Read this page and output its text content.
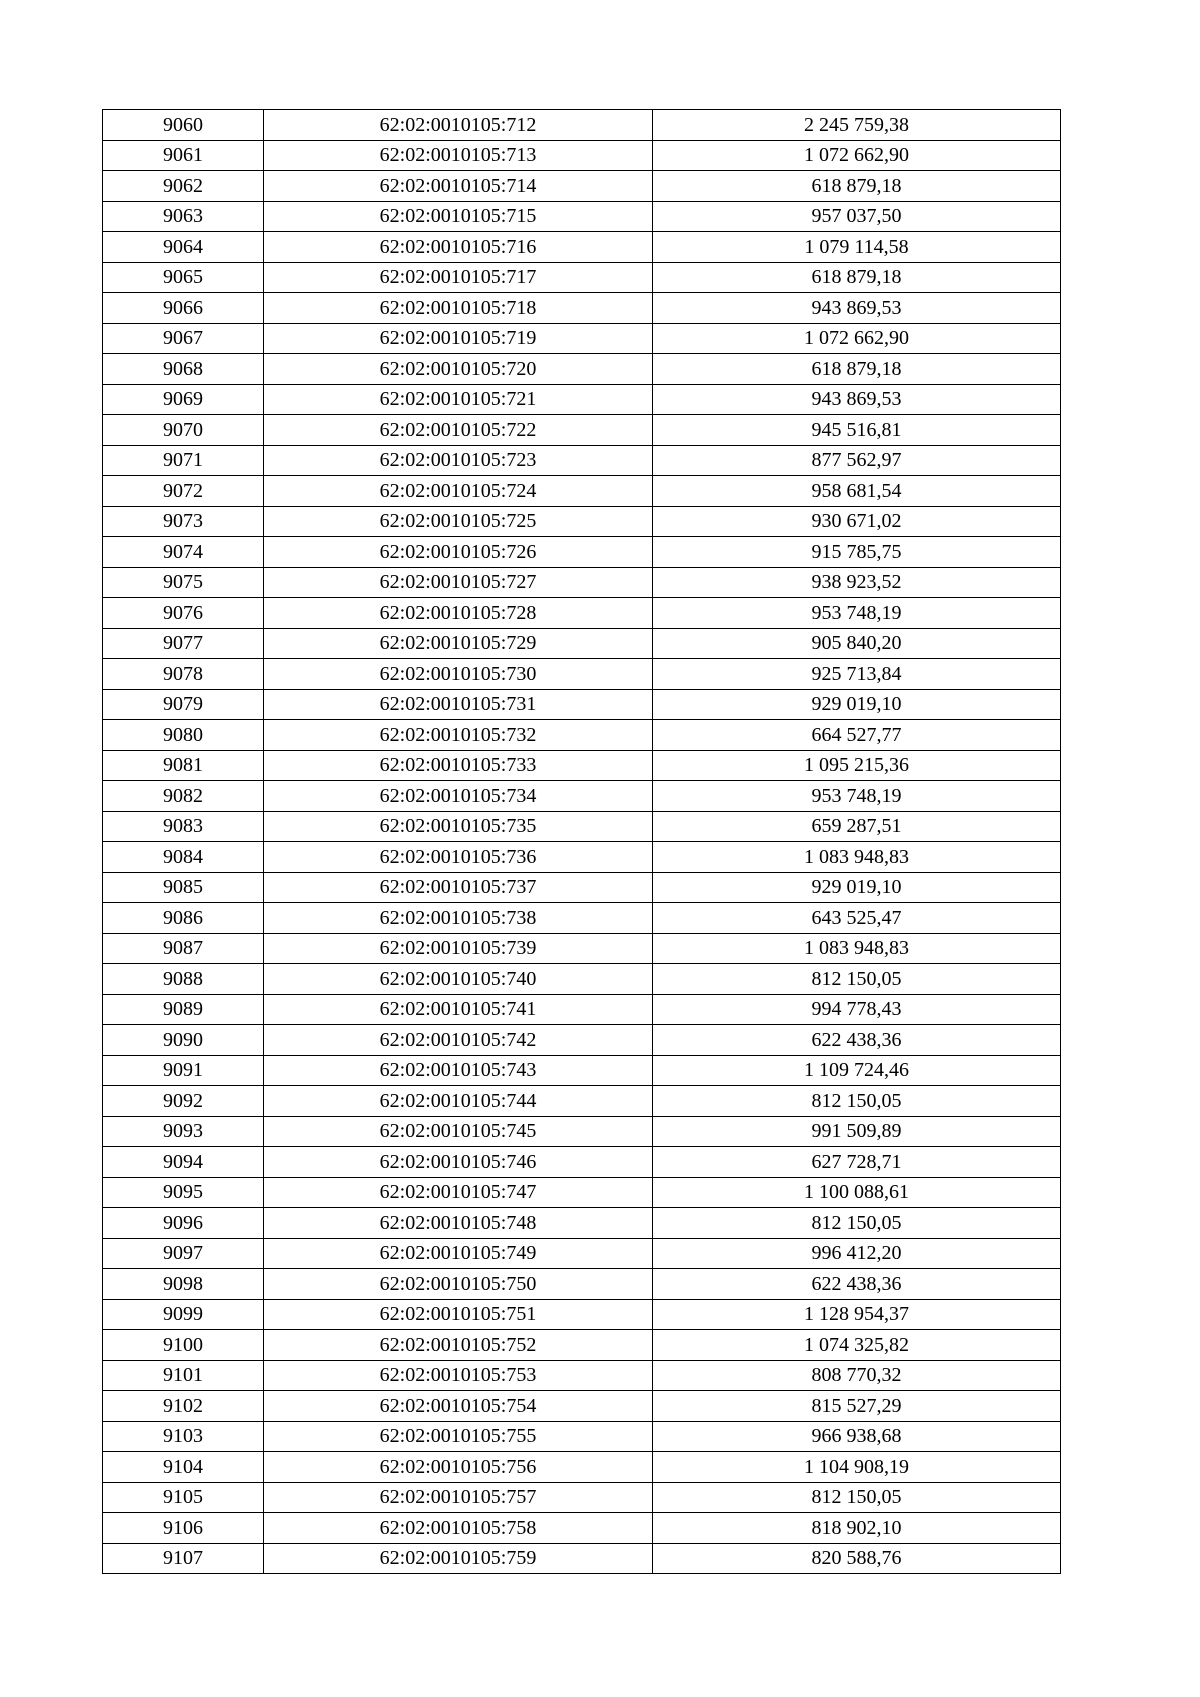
9060	62:02:0010105:712	2 245 759,38
9061	62:02:0010105:713	1 072 662,90
9062	62:02:0010105:714	618 879,18
9063	62:02:0010105:715	957 037,50
9064	62:02:0010105:716	1 079 114,58
9065	62:02:0010105:717	618 879,18
9066	62:02:0010105:718	943 869,53
9067	62:02:0010105:719	1 072 662,90
9068	62:02:0010105:720	618 879,18
9069	62:02:0010105:721	943 869,53
9070	62:02:0010105:722	945 516,81
9071	62:02:0010105:723	877 562,97
9072	62:02:0010105:724	958 681,54
9073	62:02:0010105:725	930 671,02
9074	62:02:0010105:726	915 785,75
9075	62:02:0010105:727	938 923,52
9076	62:02:0010105:728	953 748,19
9077	62:02:0010105:729	905 840,20
9078	62:02:0010105:730	925 713,84
9079	62:02:0010105:731	929 019,10
9080	62:02:0010105:732	664 527,77
9081	62:02:0010105:733	1 095 215,36
9082	62:02:0010105:734	953 748,19
9083	62:02:0010105:735	659 287,51
9084	62:02:0010105:736	1 083 948,83
9085	62:02:0010105:737	929 019,10
9086	62:02:0010105:738	643 525,47
9087	62:02:0010105:739	1 083 948,83
9088	62:02:0010105:740	812 150,05
9089	62:02:0010105:741	994 778,43
9090	62:02:0010105:742	622 438,36
9091	62:02:0010105:743	1 109 724,46
9092	62:02:0010105:744	812 150,05
9093	62:02:0010105:745	991 509,89
9094	62:02:0010105:746	627 728,71
9095	62:02:0010105:747	1 100 088,61
9096	62:02:0010105:748	812 150,05
9097	62:02:0010105:749	996 412,20
9098	62:02:0010105:750	622 438,36
9099	62:02:0010105:751	1 128 954,37
9100	62:02:0010105:752	1 074 325,82
9101	62:02:0010105:753	808 770,32
9102	62:02:0010105:754	815 527,29
9103	62:02:0010105:755	966 938,68
9104	62:02:0010105:756	1 104 908,19
9105	62:02:0010105:757	812 150,05
9106	62:02:0010105:758	818 902,10
9107	62:02:0010105:759	820 588,76
